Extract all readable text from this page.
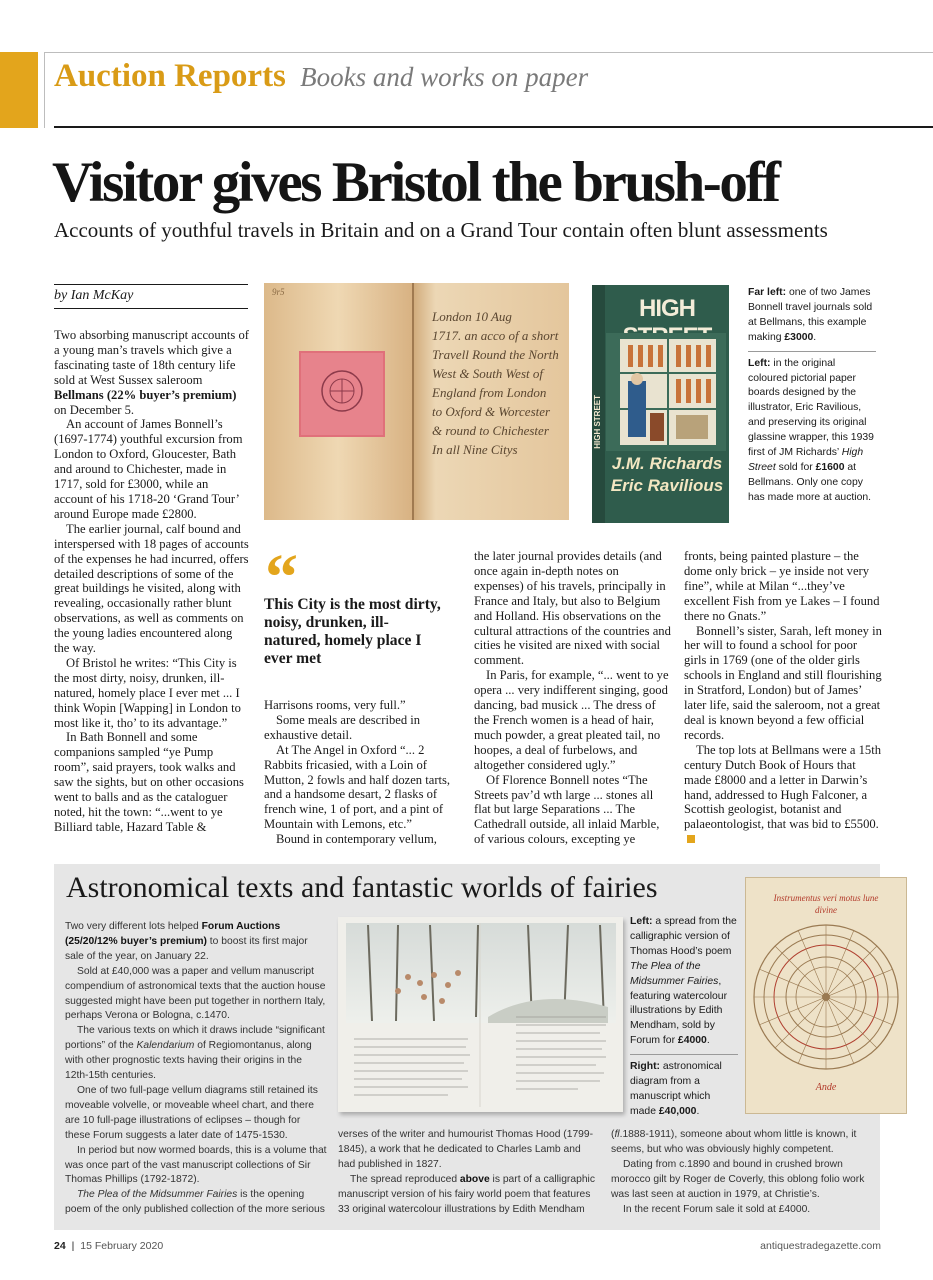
Auction Reports Books and works on paper
Visitor gives Bristol the brush-off
Accounts of youthful travels in Britain and on a Grand Tour contain often blunt assessments
by Ian McKay

Two absorbing manuscript accounts of a young man’s travels which give a fascinating taste of 18th century life sold at West Sussex saleroom Bellmans (22% buyer’s premium) on December 5.

An account of James Bonnell’s (1697-1774) youthful excursion from London to Oxford, Gloucester, Bath and around to Chichester, made in 1717, sold for £3000, while an account of his 1718-20 ‘Grand Tour’ around Europe made £2800.

The earlier journal, calf bound and interspersed with 18 pages of accounts of the expenses he had incurred, offers detailed descriptions of some of the great buildings he visited, along with revealing, occasionally rather blunt observations, as well as comments on the young ladies encountered along the way.

Of Bristol he writes: “This City is the most dirty, noisy, drunken, ill-natured, homely place I ever met ... I think Wopin [Wapping] in London to most like it, tho’ to its advantage.”

In Bath Bonnell and some companions sampled “ye Pump room”, said prayers, took walks and saw the sights, but on other occasions went to balls and as the cataloguer noted, hit the town: “...went to ye Billiard table, Hazard Table &

9r5
London 10 Aug
1717. an acco of a short
Travell Round the North
West & South West of
England from London
to Oxford & Worcester
& round to Chichester
In all Nine Citys
HIGH STREET
HIGH
J.M. Richards
Eric Ravilious
Far left: one of two James Bonnell travel journals sold at Bellmans, this example making £3000.
Left: in the original coloured pictorial paper boards designed by the illustrator, Eric Ravilious, and preserving its original glassine wrapper, this 1939 first of JM Richards’ High Street sold for £1600 at Bellmans. Only one copy has made more at auction.
“
This City is the most dirty, noisy, drunken, ill-natured, homely place I ever met

Harrisons rooms, very full.”

Some meals are described in exhaustive detail.

At The Angel in Oxford “... 2 Rabbits fricasied, with a Loin of Mutton, 2 fowls and half dozen tarts, and a handsome desart, 2 flasks of french wine, 1 of port, and a pint of Mountain with Lemons, etc.”

Bound in contemporary vellum,

the later journal provides details (and once again in-depth notes on expenses) of his travels, principally in France and Italy, but also to Belgium and Holland. His observations on the cultural attractions of the countries and cities he visited are nixed with social comment.

In Paris, for example, “... went to ye opera ... very indifferent singing, good dancing, bad musick ... The dress of the French women is a head of hair, much powder, a great pleated tail, no hoopes, a deal of furbelows, and altogether considered ugly.”

Of Florence Bonnell notes “The Streets pav’d wth large ... stones all flat but large Separations ... The Cathedrall outside, all inlaid Marble, of various colours, excepting ye

fronts, being painted plasture – the dome only brick – ye inside not very fine”, while at Milan “...they’ve excellent Fish from ye Lakes – I found there no Gnats.”

Bonnell’s sister, Sarah, left money in her will to found a school for poor girls in 1769 (one of the older girls schools in England and still flourishing in Stratford, London) but of James’ later life, said the saleroom, not a great deal is known beyond a few official records.

The top lots at Bellmans were a 15th century Dutch Book of Hours that made £8000 and a letter in Darwin’s hand, addressed to Hugh Falconer, a Scottish geologist, botanist and palaeontologist, that was bid to £5500.

Astronomical texts and fantastic worlds of fairies	Instrumentus veri motus lune
divine
Ande
Left: a spread from the calligraphic version of Thomas Hood’s poem The Plea of the Midsummer Fairies, featuring watercolour illustrations by Edith Mendham, sold by Forum for £4000.
Right: astronomical diagram from a manuscript which made £40,000.

Two very different lots helped Forum Auctions (25/20/12% buyer’s premium) to boost its first major sale of the year, on January 22.

Sold at £40,000 was a paper and vellum manuscript compendium of astronomical texts that the auction house suggested might have been put together in northern Italy, perhaps Verona or Bologna, c.1470.

The various texts on which it draws include “significant portions” of the Kalendarium of Regiomontanus, along with other prognostic texts having their origins in the 12th-15th centuries.

One of two full-page vellum diagrams still retained its moveable volvelle, or moveable wheel chart, and there are 10 full-page illustrations of eclipses – though for these Forum suggests a later date of 1475-1530.

In period but now wormed boards, this is a volume that was once part of the vast manuscript collections of Sir Thomas Phillips (1792-1872).

The Plea of the Midsummer Fairies is the opening poem of the only published collection of the more serious

verses of the writer and humourist Thomas Hood (1799-1845), a work that he dedicated to Charles Lamb and had published in 1827.

The spread reproduced above is part of a calligraphic manuscript version of his fairy world poem that features 33 original watercolour illustrations by Edith Mendham

(fl.1888-1911), someone about whom little is known, it seems, but who was obviously highly competent.

Dating from c.1890 and bound in crushed brown morocco gilt by Roger de Coverly, this oblong folio work was last seen at auction in 1979, at Christie’s.

In the recent Forum sale it sold at £4000.

24 | 15 February 2020	antiquestradegazette.com
